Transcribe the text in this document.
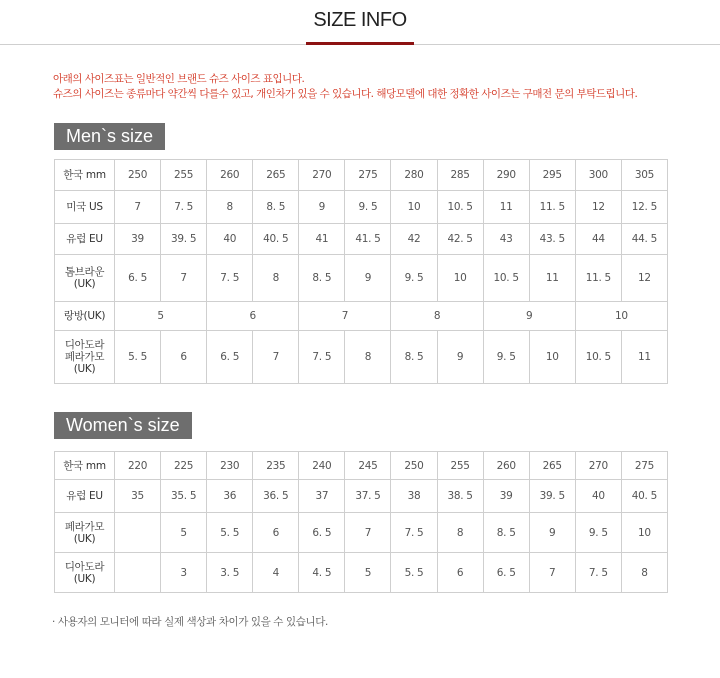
SIZE INFO
아래의 사이즈표는 일반적인 브랜드 슈즈 사이즈 표입니다.
슈즈의 사이즈는 종류마다 약간씩 다를수 있고, 개인차가 있을 수 있습니다. 해당모델에 대한 정확한 사이즈는 구매전 문의 부탁드립니다.
Men`s size
한국 mm	250	255	260	265	270	275	280	285	290	295	300	305
미국 US	7	7. 5	8	8. 5	9	9. 5	10	10. 5	11	11. 5	12	12. 5
유럽 EU	39	39. 5	40	40. 5	41	41. 5	42	42. 5	43	43. 5	44	44. 5
톰브라운
(UK)	6. 5	7	7. 5	8	8. 5	9	9. 5	10	10. 5	11	11. 5	12
랑방(UK)	5		6		7		8		9		10	
디아도라
페라가모
(UK)	5. 5	6	6. 5	7	7. 5	8	8. 5	9	9. 5	10	10. 5	11
Women`s size
한국 mm	220	225	230	235	240	245	250	255	260	265	270	275
유럽 EU	35	35. 5	36	36. 5	37	37. 5	38	38. 5	39	39. 5	40	40. 5
페라가모
(UK)		5	5. 5	6	6. 5	7	7. 5	8	8. 5	9	9. 5	10
디아도라
(UK)		3	3. 5	4	4. 5	5	5. 5	6	6. 5	7	7. 5	8
· 사용자의 모니터에 따라 실제 색상과 차이가 있을 수 있습니다.
